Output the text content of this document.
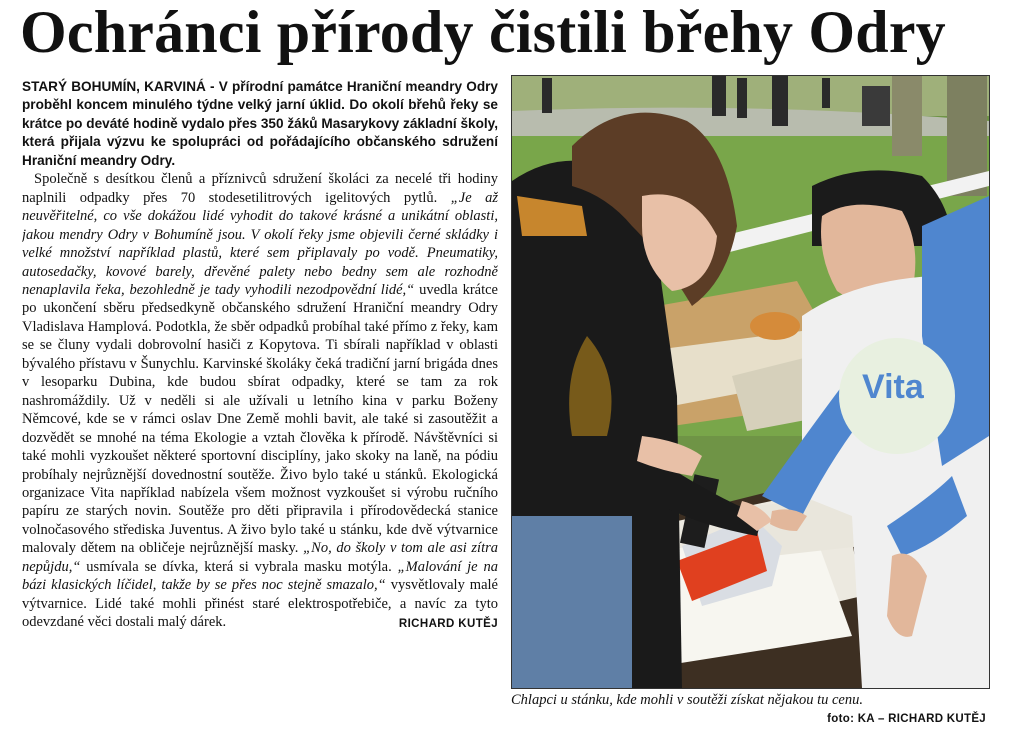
Ochránci přírody čistili břehy Odry

STARÝ BOHUMÍN, KARVINÁ - V přírodní památce Hraniční meandry Odry proběhl koncem minulého týdne velký jarní úklid. Do okolí břehů řeky se krátce po deváté hodině vydalo přes 350 žáků Masarykovy základní školy, která přijala výzvu ke spolupráci od pořádajícího občanského sdružení Hraniční meandry Odry.

Společně s desítkou členů a příznivců sdružení školáci za necelé tři hodiny naplnili odpadky přes 70 stodesetilitrových igelitových pytlů. „Je až neuvěřitelné, co vše dokážou lidé vyhodit do takové krásné a unikátní oblasti, jakou mendry Odry v Bohumíně jsou. V okolí řeky jsme objevili černé skládky i velké množství například plastů, které sem připlavaly po vodě. Pneumatiky, autosedačky, kovové barely, dřevěné palety nebo bedny sem ale rozhodně nenaplavila řeka, bezohledně je tady vyhodili nezodpovědní lidé,“ uvedla krátce po ukončení sběru předsedkyně občanského sdružení Hraniční meandry Odry Vladislava Hamplová. Podotkla, že sběr odpadků probíhal také přímo z řeky, kam se se čluny vydali dobrovolní hasiči z Kopytova. Ti sbírali například v oblasti bývalého přístavu v Šunychlu. Karvinské školáky čeká tradiční jarní brigáda dnes v lesoparku Dubina, kde budou sbírat odpadky, které se tam za rok nashromáždily. Už v neděli si ale užívali u letního kina v parku Boženy Němcové, kde se v rámci oslav Dne Země mohli bavit, ale také si zasoutěžit a dozvědět se mnohé na téma Ekologie a vztah člověka k přírodě. Návštěvníci si také mohli vyzkoušet některé sportovní disciplíny, jako skoky na laně, na pódiu probíhaly nejrůznější dovednostní soutěže. Živo bylo také u stánků. Ekologická organizace Vita například nabízela všem možnost vyzkoušet si výrobu ručního papíru ze starých novin. Soutěže pro děti připravila i přírodovědecká stanice volnočasového střediska Juventus. A živo bylo také u stánku, kde dvě výtvarnice malovaly dětem na obličeje nejrůznější masky. „No, do školy v tom ale asi zítra nepůjdu,“ usmívala se dívka, která si vybrala masku motýla. „Malování je na bázi klasických líčidel, takže by se přes noc stejně smazalo,“ vysvětlovaly malé výtvarnice. Lidé také mohli přinést staré elektrospotřebiče, a navíc za tyto odevzdané věci dostali malý dárek.	RICHARD KUTĚJ

Vita
Chlapci u stánku, kde mohli v soutěži získat nějakou tu cenu.
foto: KA – RICHARD KUTĚJ
